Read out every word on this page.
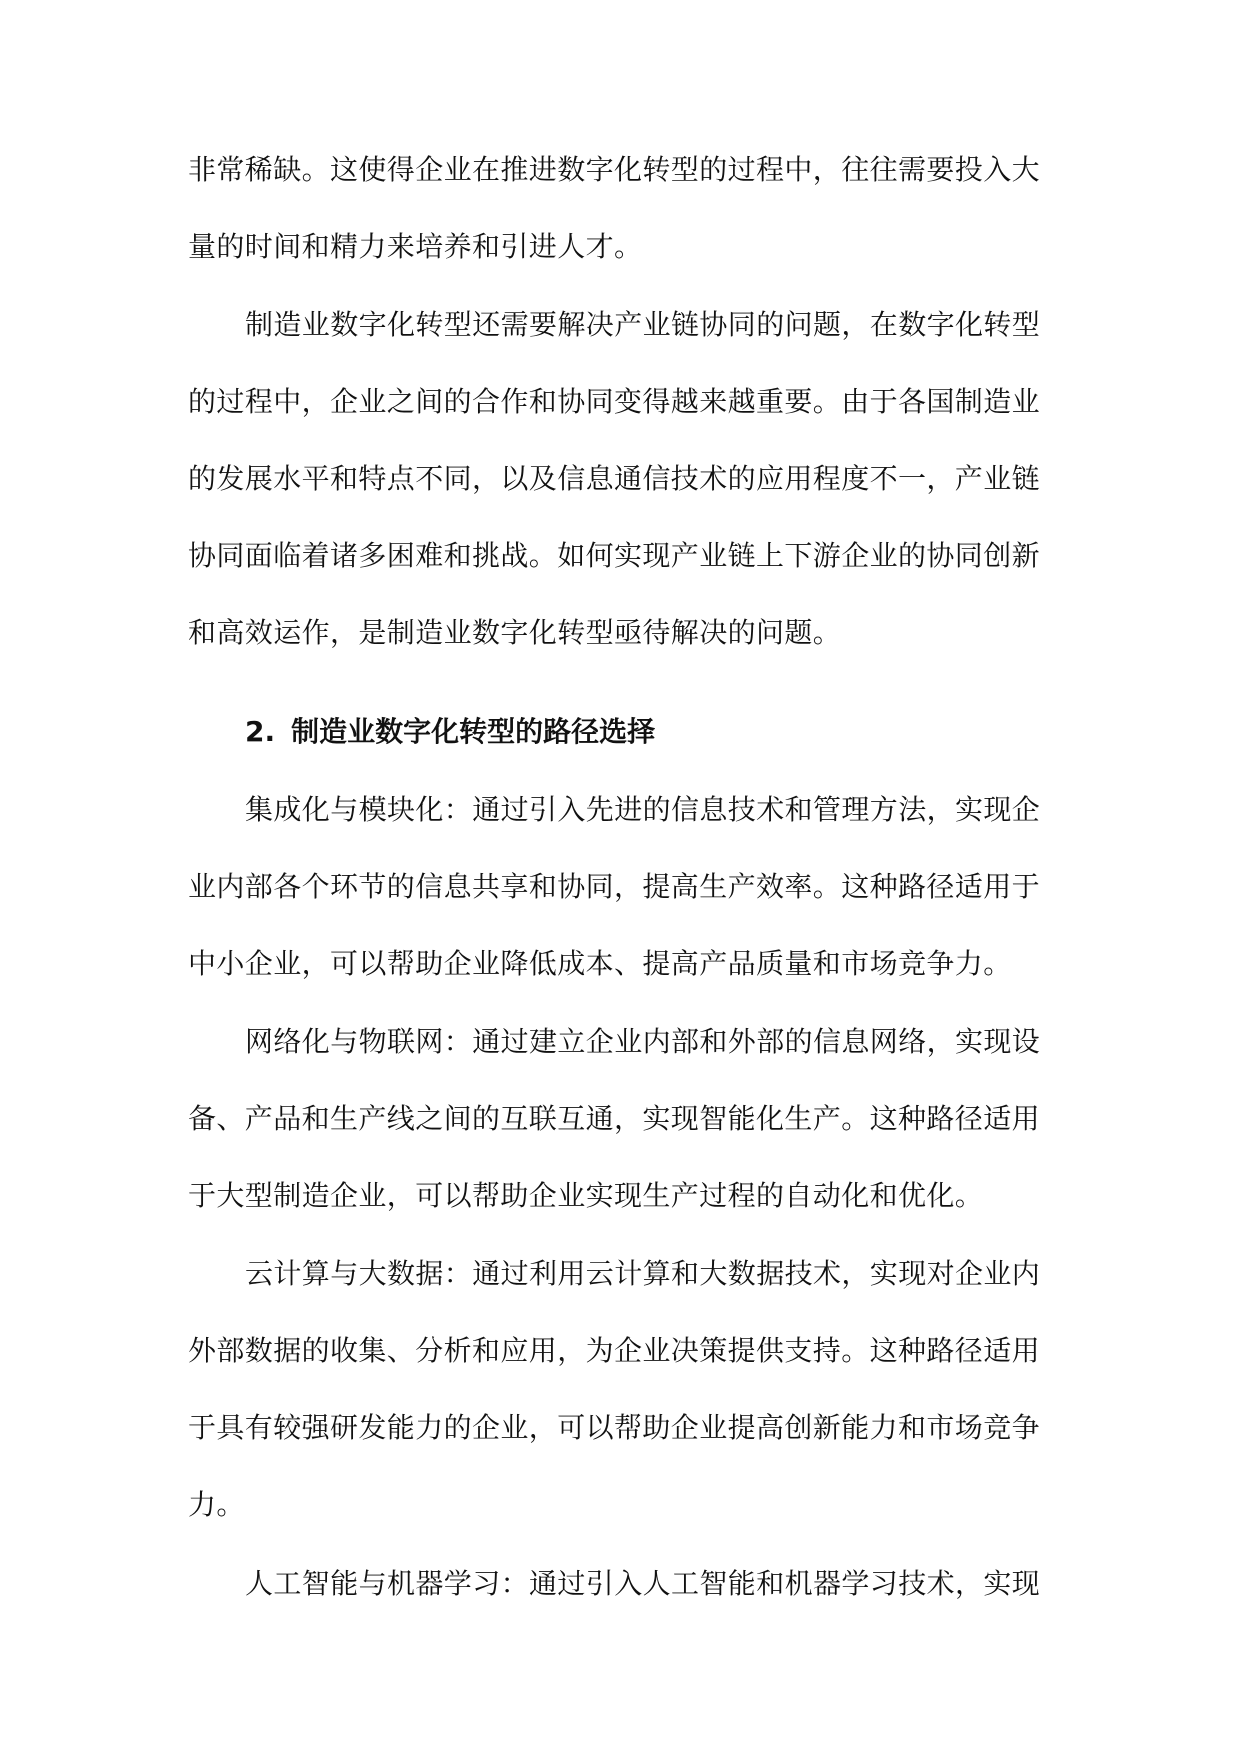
非常稀缺。这使得企业在推进数字化转型的过程中，往往需要投入大
量的时间和精力来培养和引进人才。
制造业数字化转型还需要解决产业链协同的问题，在数字化转型
的过程中，企业之间的合作和协同变得越来越重要。由于各国制造业
的发展水平和特点不同，以及信息通信技术的应用程度不一，产业链
协同面临着诸多困难和挑战。如何实现产业链上下游企业的协同创新
和高效运作，是制造业数字化转型亟待解决的问题。
2. 制造业数字化转型的路径选择
集成化与模块化：通过引入先进的信息技术和管理方法，实现企
业内部各个环节的信息共享和协同，提高生产效率。这种路径适用于
中小企业，可以帮助企业降低成本、提高产品质量和市场竞争力。
网络化与物联网：通过建立企业内部和外部的信息网络，实现设
备、产品和生产线之间的互联互通，实现智能化生产。这种路径适用
于大型制造企业，可以帮助企业实现生产过程的自动化和优化。
云计算与大数据：通过利用云计算和大数据技术，实现对企业内
外部数据的收集、分析和应用，为企业决策提供支持。这种路径适用
于具有较强研发能力的企业，可以帮助企业提高创新能力和市场竞争
力。
人工智能与机器学习：通过引入人工智能和机器学习技术，实现
